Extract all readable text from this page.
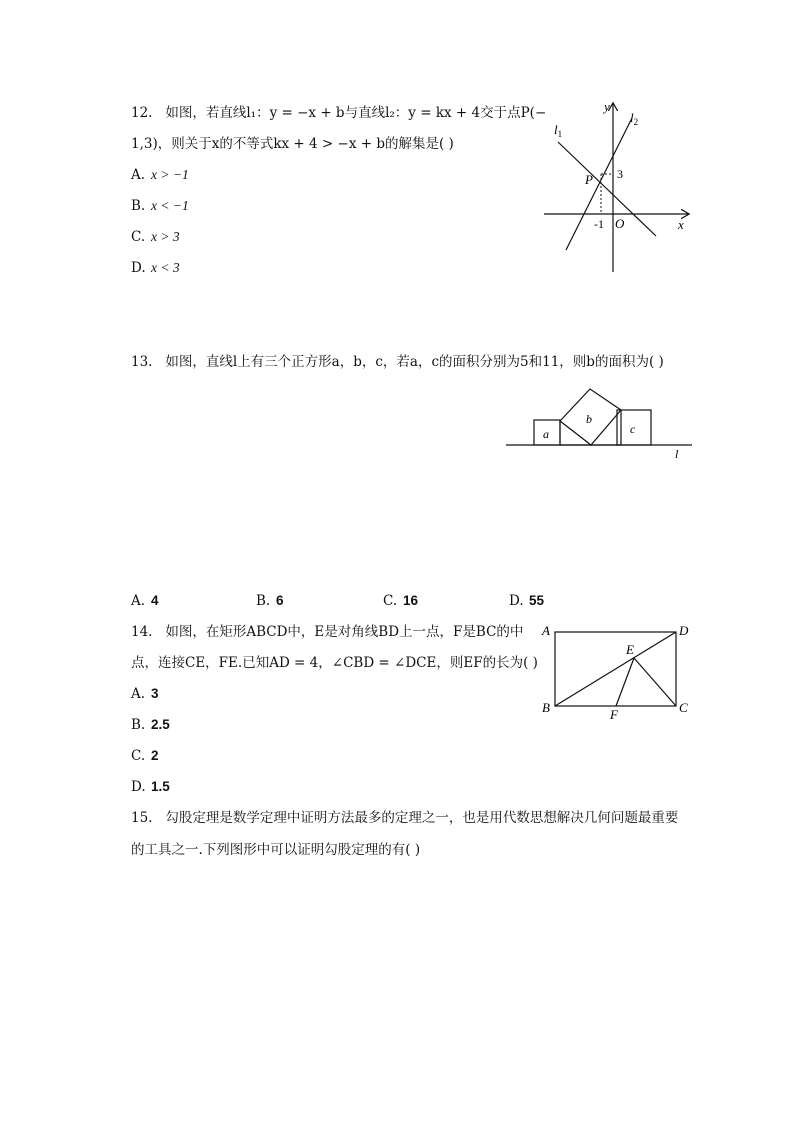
12. 如图，若直线l₁：y = −x + b与直线l₂：y = kx + 4交于点P(−
1,3)，则关于x的不等式kx + 4 > −x + b的解集是( )
A. x > −1
B. x < −1
C. x > 3
D. x < 3
y
x
$l_1$
$l_2$
P 3
-1 O
13. 如图，直线l上有三个正方形a，b，c，若a，c的面积分别为5和11，则b的面积为( )
a
b
c
l
A. 4	B. 6	C. 16	D. 55
14. 如图，在矩形ABCD中，E是对角线BD上一点，F是BC的中
点，连接CE，FE.已知AD = 4，∠CBD = ∠DCE，则EF的长为( )
A. 3
B. 2.5
C. 2
D. 1.5
A	D
B	C
E
F
15. 勾股定理是数学定理中证明方法最多的定理之一，也是用代数思想解决几何问题最重要
的工具之一.下列图形中可以证明勾股定理的有( )
